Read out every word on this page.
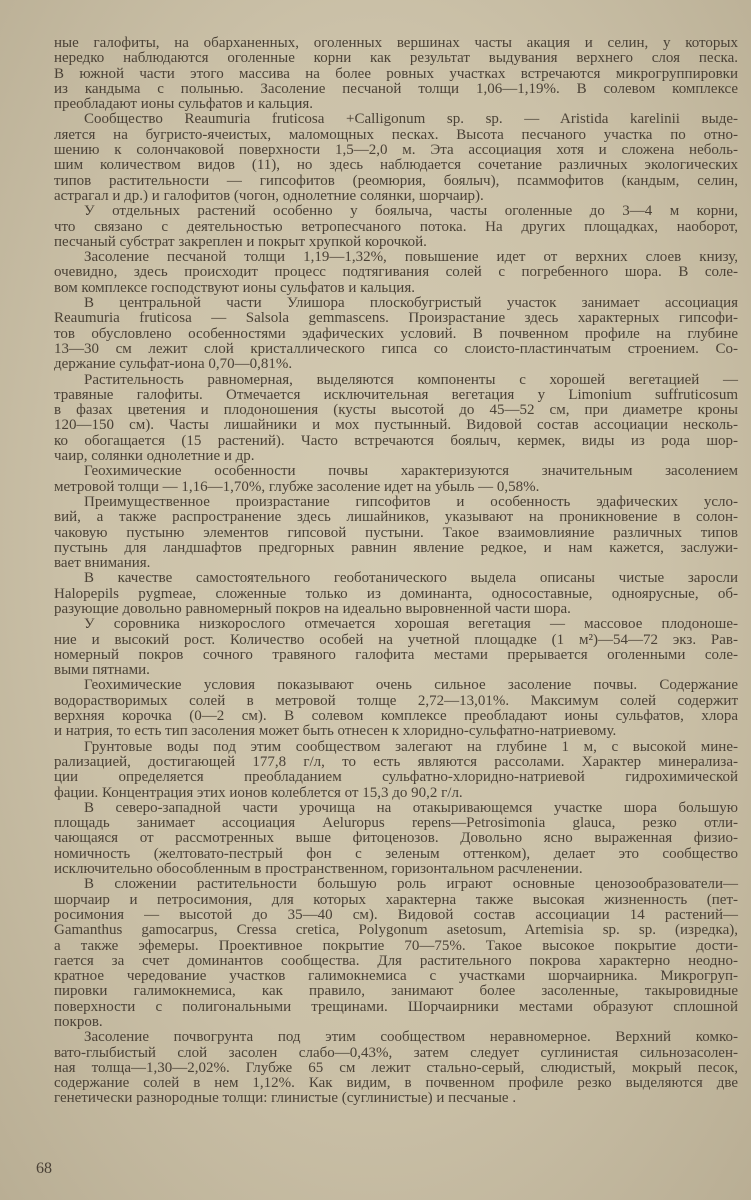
ные галофиты, на обарханенных, оголенных вершинах часты акация и селин, у которых
нередко наблюдаются оголенные корни как результат выдувания верхнего слоя песка.
В южной части этого массива на более ровных участках встречаются микрогруппировки
из кандыма с полынью. Засоление песчаной толщи 1,06—1,19%. В солевом комплексе
преобладают ионы сульфатов и кальция.
Сообщество Reaumuria fruticosa +Calligonum sp. sp. — Aristida karelinii выде-
ляется на бугристо-ячеистых, маломощных песках. Высота песчаного участка по отно-
шению к солончаковой поверхности 1,5—2,0 м. Эта ассоциация хотя и сложена неболь-
шим количеством видов (11), но здесь наблюдается сочетание различных экологических
типов растительности — гипсофитов (реомюрия, боялыч), псаммофитов (кандым, селин,
астрагал и др.) и галофитов (чогон, однолетние солянки, шорчаир).
У отдельных растений особенно у боялыча, часты оголенные до 3—4 м корни,
что связано с деятельностью ветропесчаного потока. На других площадках, наоборот,
песчаный субстрат закреплен и покрыт хрупкой корочкой.
Засоление песчаной толщи 1,19—1,32%, повышение идет от верхних слоев книзу,
очевидно, здесь происходит процесс подтягивания солей с погребенного шора. В соле-
вом комплексе господствуют ионы сульфатов и кальция.
В центральной части Улишора плоскобугристый участок занимает ассоциация
Reaumuria fruticosa — Salsola gemmascens. Произрастание здесь характерных гипсофи-
тов обусловлено особенностями эдафических условий. В почвенном профиле на глубине
13—30 см лежит слой кристаллического гипса со слоисто-пластинчатым строением. Со-
держание сульфат-иона 0,70—0,81%.
Растительность равномерная, выделяются компоненты с хорошей вегетацией —
травяные галофиты. Отмечается исключительная вегетация у Limonium suffruticosum
в фазах цветения и плодоношения (кусты высотой до 45—52 см, при диаметре кроны
120—150 см). Часты лишайники и мох пустынный. Видовой состав ассоциации несколь-
ко обогащается (15 растений). Часто встречаются боялыч, кермек, виды из рода шор-
чаир, солянки однолетние и др.
Геохимические особенности почвы характеризуются значительным засолением
метровой толщи — 1,16—1,70%, глубже засоление идет на убыль — 0,58%.
Преимущественное произрастание гипсофитов и особенность эдафических усло-
вий, а также распространение здесь лишайников, указывают на проникновение в солон-
чаковую пустыню элементов гипсовой пустыни. Такое взаимовлияние различных типов
пустынь для ландшафтов предгорных равнин явление редкое, и нам кажется, заслужи-
вает внимания.
В качестве самостоятельного геоботанического выдела описаны чистые заросли
Halopepils pygmeae, сложенные только из доминанта, односоставные, одноярусные, об-
разующие довольно равномерный покров на идеально выровненной части шора.
У соровника низкорослого отмечается хорошая вегетация — массовое плодоноше-
ние и высокий рост. Количество особей на учетной площадке (1 м²)—54—72 экз. Рав-
номерный покров сочного травяного галофита местами прерывается оголенными соле-
выми пятнами.
Геохимические условия показывают очень сильное засоление почвы. Содержание
водорастворимых солей в метровой толще 2,72—13,01%. Максимум солей содержит
верхняя корочка (0—2 см). В солевом комплексе преобладают ионы сульфатов, хлора
и натрия, то есть тип засоления может быть отнесен к хлоридно-сульфатно-натриевому.
Грунтовые воды под этим сообществом залегают на глубине 1 м, с высокой мине-
рализацией, достигающей 177,8 г/л, то есть являются рассолами. Характер минерализа-
ции определяется преобладанием сульфатно-хлоридно-натриевой гидрохимической
фации. Концентрация этих ионов колеблется от 15,3 до 90,2 г/л.
В северо-западной части урочища на отакыривающемся участке шора большую
площадь занимает ассоциация Aeluropus repens—Petrosimonia glauca, резко отли-
чающаяся от рассмотренных выше фитоценозов. Довольно ясно выраженная физио-
номичность (желтовато-пестрый фон с зеленым оттенком), делает это сообщество
исключительно обособленным в пространственном, горизонтальном расчленении.
В сложении растительности большую роль играют основные ценозообразователи—
шорчаир и петросимония, для которых характерна также высокая жизненность (пет-
росимония — высотой до 35—40 см). Видовой состав ассоциации 14 растений—
Gamanthus gamocarpus, Cressa cretica, Polygonum asetosum, Artemisia sp. sp. (изредка),
а также эфемеры. Проективное покрытие 70—75%. Такое высокое покрытие дости-
гается за счет доминантов сообщества. Для растительного покрова характерно неодно-
кратное чередование участков галимокнемиса с участками шорчаирника. Микрогруп-
пировки галимокнемиса, как правило, занимают более засоленные, такыровидные
поверхности с полигональными трещинами. Шорчаирники местами образуют сплошной
покров.
Засоление почвогрунта под этим сообществом неравномерное. Верхний комко-
вато-глыбистый слой засолен слабо—0,43%, затем следует суглинистая сильнозасолен-
ная толща—1,30—2,02%. Глубже 65 см лежит стально-серый, слюдистый, мокрый песок,
содержание солей в нем 1,12%. Как видим, в почвенном профиле резко выделяются две
генетически разнородные толщи: глинистые (суглинистые) и песчаные .
68
